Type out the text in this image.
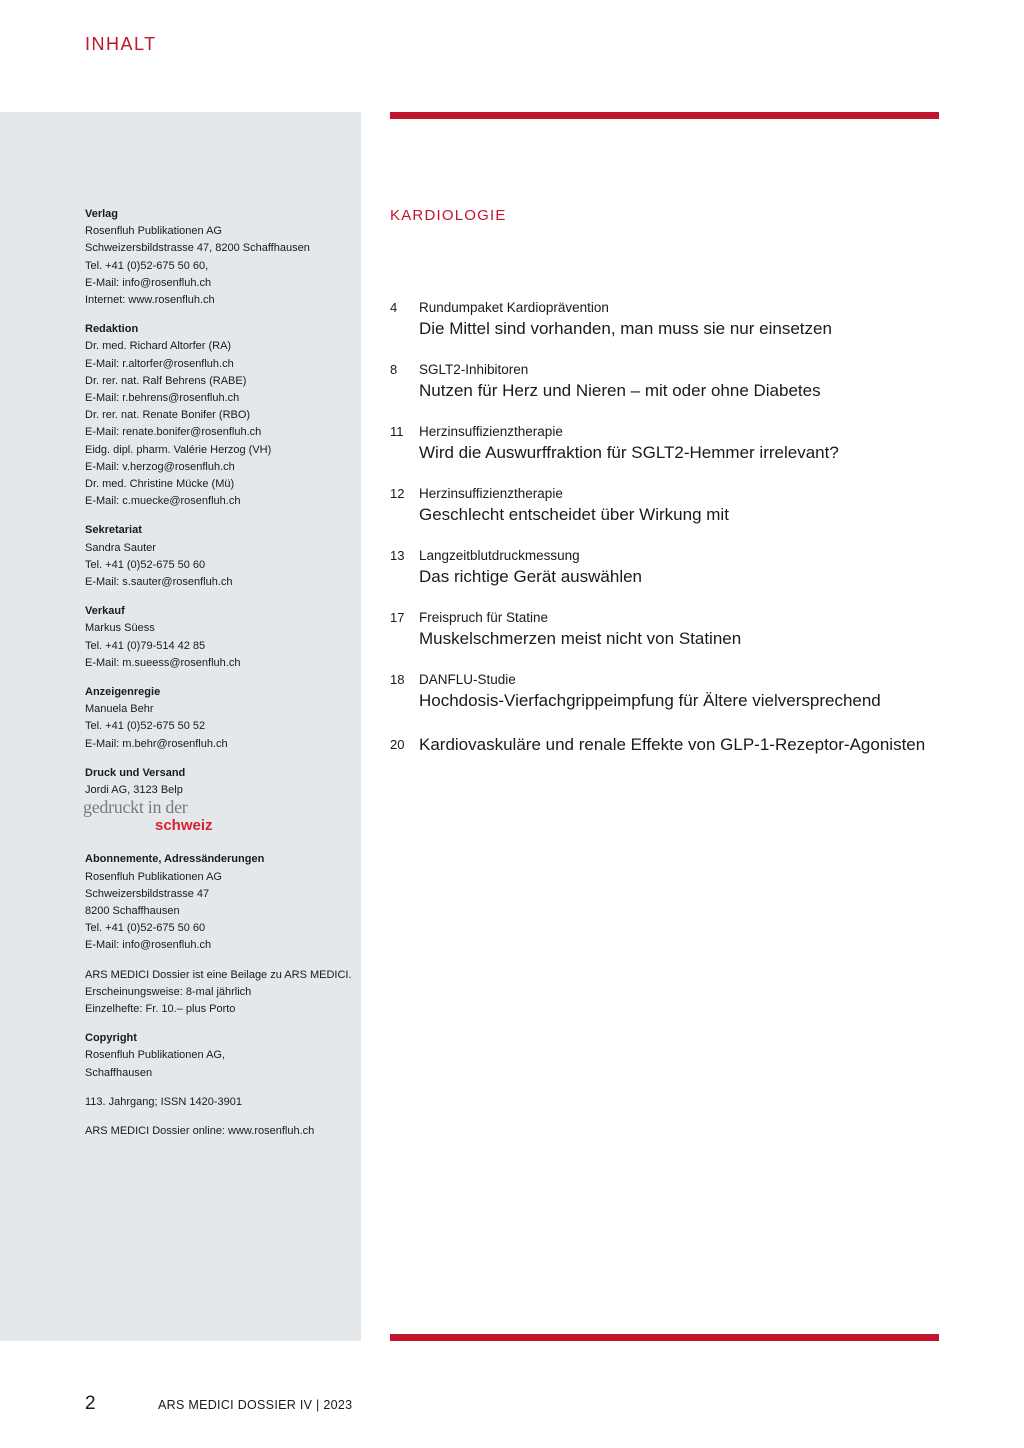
INHALT
Verlag
Rosenfluh Publikationen AG
Schweizersbildstrasse 47, 8200 Schaffhausen
Tel. +41 (0)52-675 50 60,
E-Mail: info@rosenfluh.ch
Internet: www.rosenfluh.ch
Redaktion
Dr. med. Richard Altorfer (RA)
E-Mail: r.altorfer@rosenfluh.ch
Dr. rer. nat. Ralf Behrens (RABE)
E-Mail: r.behrens@rosenfluh.ch
Dr. rer. nat. Renate Bonifer (RBO)
E-Mail: renate.bonifer@rosenfluh.ch
Eidg. dipl. pharm. Valérie Herzog (VH)
E-Mail: v.herzog@rosenfluh.ch
Dr. med. Christine Mücke (Mü)
E-Mail: c.muecke@rosenfluh.ch
Sekretariat
Sandra Sauter
Tel. +41 (0)52-675 50 60
E-Mail: s.sauter@rosenfluh.ch
Verkauf
Markus Süess
Tel. +41 (0)79-514 42 85
E-Mail: m.sueess@rosenfluh.ch
Anzeigenregie
Manuela Behr
Tel. +41 (0)52-675 50 52
E-Mail: m.behr@rosenfluh.ch
Druck und Versand
Jordi AG, 3123 Belp
gedruckt in der
schweiz
Abonnemente, Adressänderungen
Rosenfluh Publikationen AG
Schweizersbildstrasse 47
8200 Schaffhausen
Tel. +41 (0)52-675 50 60
E-Mail: info@rosenfluh.ch
ARS MEDICI Dossier ist eine Beilage zu ARS MEDICI.
Erscheinungsweise: 8-mal jährlich
Einzelhefte: Fr. 10.– plus Porto
Copyright
Rosenfluh Publikationen AG,
Schaffhausen
113. Jahrgang; ISSN 1420-3901
ARS MEDICI Dossier online: www.rosenfluh.ch
KARDIOLOGIE
4 Rundumpaket Kardioprävention
Die Mittel sind vorhanden, man muss sie nur einsetzen
8 SGLT2-Inhibitoren
Nutzen für Herz und Nieren – mit oder ohne Diabetes
11 Herzinsuffizienztherapie
Wird die Auswurffraktion für SGLT2-Hemmer irrelevant?
12 Herzinsuffizienztherapie
Geschlecht entscheidet über Wirkung mit
13 Langzeitblutdruckmessung
Das richtige Gerät auswählen
17 Freispruch für Statine
Muskelschmerzen meist nicht von Statinen
18 DANFLU-Studie
Hochdosis-Vierfachgrippeimpfung für Ältere vielversprechend
20 Kardiovaskuläre und renale Effekte von GLP-1-Rezeptor-Agonisten
2	ARS MEDICI DOSSIER IV | 2023
